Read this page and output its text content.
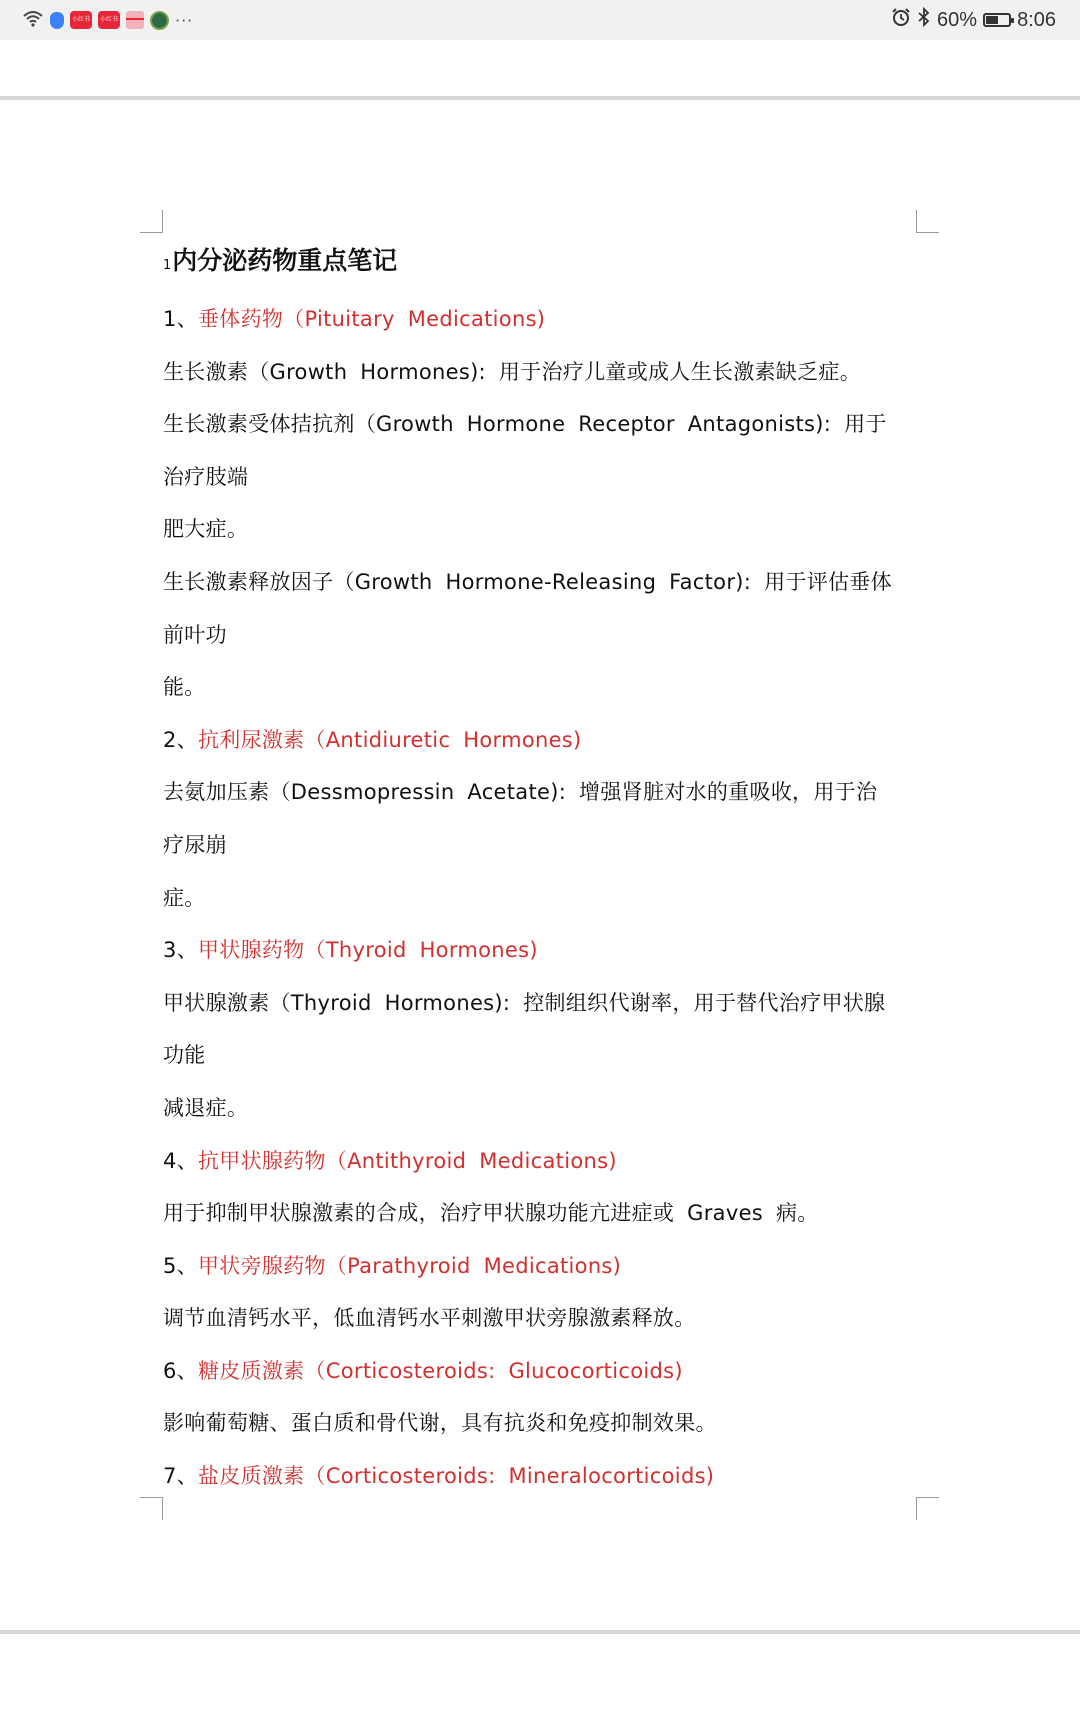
小红书	小红书	···	60% 8:06
1内分泌药物重点笔记
1、垂体药物（Pituitary Medications)
生长激素（Growth Hormones): 用于治疗儿童或成人生长激素缺乏症。
生长激素受体拮抗剂（Growth Hormone Receptor Antagonists): 用于
治疗肢端
肥大症。
生长激素释放因子（Growth Hormone-Releasing Factor): 用于评估垂体
前叶功
能。
2、抗利尿激素（Antidiuretic Hormones)
去氨加压素（Dessmopressin Acetate): 增强肾脏对水的重吸收，用于治
疗尿崩
症。
3、甲状腺药物（Thyroid Hormones)
甲状腺激素（Thyroid Hormones): 控制组织代谢率，用于替代治疗甲状腺
功能
减退症。
4、抗甲状腺药物（Antithyroid Medications)
用于抑制甲状腺激素的合成，治疗甲状腺功能亢进症或 Graves 病。
5、甲状旁腺药物（Parathyroid Medications)
调节血清钙水平，低血清钙水平刺激甲状旁腺激素释放。
6、糖皮质激素（Corticosteroids: Glucocorticoids)
影响葡萄糖、蛋白质和骨代谢，具有抗炎和免疫抑制效果。
7、盐皮质激素（Corticosteroids: Mineralocorticoids)
